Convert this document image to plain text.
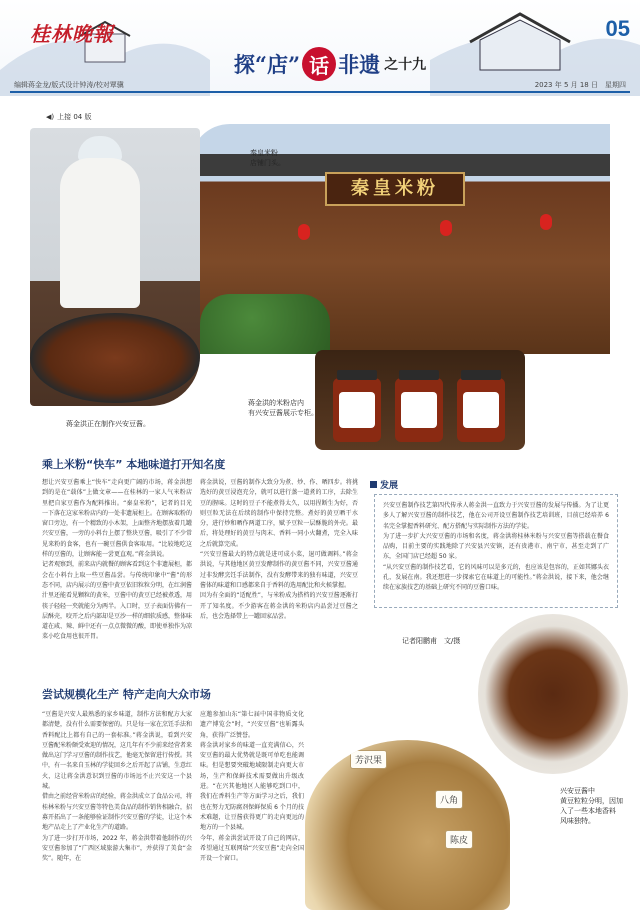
桂林晚報	05
探“店” 话 非遗 之十九
编辑蒋金龙/版式设计钟涛/校对覃骥	2023 年 5 月 18 日　星期四
◀) 上接 04 版
秦皇米粉
秦皇米粉
店铺门头。
蒋金洪正在制作兴安豆酱。
蒋金洪的米粉店内
有兴安豆酱展示专柜。
乘上米粉“快车” 本地味道打开知名度
想让兴安豆酱乘上“快车”走向更广阔的市场，蒋金洪想到的是在“载体”上做文章——在桂林的一家人气米粉店里把自家豆酱作为配料推出。“秦皇米粉”，记者的目光一下落在这家米粉店内的一处非遗展柜上。在顾客取粉的窗口旁边，有一个精致的小木架，上面整齐地摆放着几罐兴安豆酱，一旁的小料台上摆了整块豆酱，吸引了不少常见来粉的食客，也有一碗豆酱供食客取用。“比较地吃这样的豆酱的，让顾客能一尝更直观。”蒋金洪说。
记者观察到，前来店内就餐的顾客看到这个非遗展柜，都会在小料台上取一些豆酱品尝。与传统印象中“酱”的形态不同，店内展示的豆酱中黄豆依旧粒粒分明，在红润酱汁里还能看见颗粒的黄米，豆酱中的黄豆已经被煮透，用筷子轻轻一夹就能分为两半。入口时，豆子表面仿佛有一层酥壳，咬开之后内部却是豆沙一样的细软质感，整体味道在咸、辣、鲜中还有一点点微微的酸，即使单独作为凉菜小吃食用也很开胃。
蒋金洪说，豆酱的制作大致分为煮、炒、作、晒四步。将挑选好的黄豆浸泡充分，就可以进行蒸一道煮的工序，去除生豆的腥味。这时的豆子不能煮得太久，以用捏断生为好，否则豆粒无法在后续的制作中保持完整。煮好的黄豆晒干水分，进行炒和晒作两道工序，赋予豆粒一层酥脆的外壳。最后，将处理好的黄豆与肉末、香料一同小火翻煮，完全入味之后就算完成。
“兴安豆酱最大的特点就是进可成小菜，退可做调料。”蒋金洪说，与其他地区黄豆发酵制作的黄豆酱不同，兴安豆酱通过非发酵烹饪手法制作，没有发酵带来的独有味道，兴安豆酱体的味道和口感都来自于香料的选用配比和火候掌握。
因为有全面的“适配性”，与米粉成为搭档的兴安豆酱逐渐打开了知名度。不少游客在蒋金洪的米粉店内品尝过豆酱之后，也会选择带上一罐回家品尝。
发展
兴安豆酱制作技艺第四代传承人蒋金洪一直致力于兴安豆酱的发展与传播。为了让更多人了解兴安豆酱的制作技艺，他在公司开设豆酱制作技艺培训班，目前已经培养 6 名完全掌握香料研究、配方搭配与实际制作方法的学徒。
为了进一步扩大兴安豆酱的市场和名度，蒋金洪将桂林米粉与兴安豆酱等搭载在餐食品购，目前主要的实践地除了兴安县兴安镇，还有贵港市、南宁市，甚至走到了广东，全国门店已经超 50 家。
“从兴安豆酱的制作技艺看，它的风味可以是多元的，也应该是包容的，正如其娜头衣孔，发展在南。我还想进一步探索它在味道上的可能性。”蒋金洪说，接下来，他会继续在家族技艺的基础上研究不同的豆酱口味。
记者阳鹏甫　文/摄
尝试规模化生产 特产走向大众市场
“豆酱是兴安人最熟悉的家乡味道，制作方法和配方大家都清楚，没有什么需要保密的。只是每一家在烹饪手法和香料配比上都有自己的一套标准。”蒋金洪说，看到兴安豆酱配米粉颇受欢迎的情况，这几年有不少前来经营者来做出这门学习豆酱的制作技艺，他毫无保留进行传授。其中，有一名来自玉林的学徒回乡之后开起了店铺，生意红火，这让蒋金洪意识到豆酱的市场远不止兴安这一个县城。
借由之前经营米粉店的经验，蒋金洪成立了食品公司，将桂林米粉与兴安豆酱等特色美食品的制作销售相融合，招募开拓出了一条能够验证制作兴安豆酱的学徒，让这个本地产品走上了产业化生产的道路。
为了进一步打开市场，2022 年，蒋金洪带着他制作的兴安豆酱参加了“广西区域旅游大集市”，并获得了美食“金奖”。随年，在
应邀参加山东“第七届中国非物质文化遗产博览会”时，“兴安豆酱”也斩露头角，获得广泛赞誉。
蒋金洪对家乡的味道一直充满信心，兴安豆酱的最大优势就是既可单吃也能调味。但是想要突破地域限制走向更大市场，生产和保鲜技术需要做出升级改进。“在兴其他地区人能够吃到口中，我们在香料生产等方面学习之后，我们也在努力无防腐剂保鲜保质 6 个月的技术难题，让豆酱获得更广的走向更远的地方的一个县城。
今年，蒋金洪尝试开设了自己的网店，希望通过互联网给“兴安豆酱”走向全国开设一个窗口。
兴安豆酱中
黄豆粒粒分明，因加
入了一些本地香料
风味独特。
芳沢果
八角
陈皮
